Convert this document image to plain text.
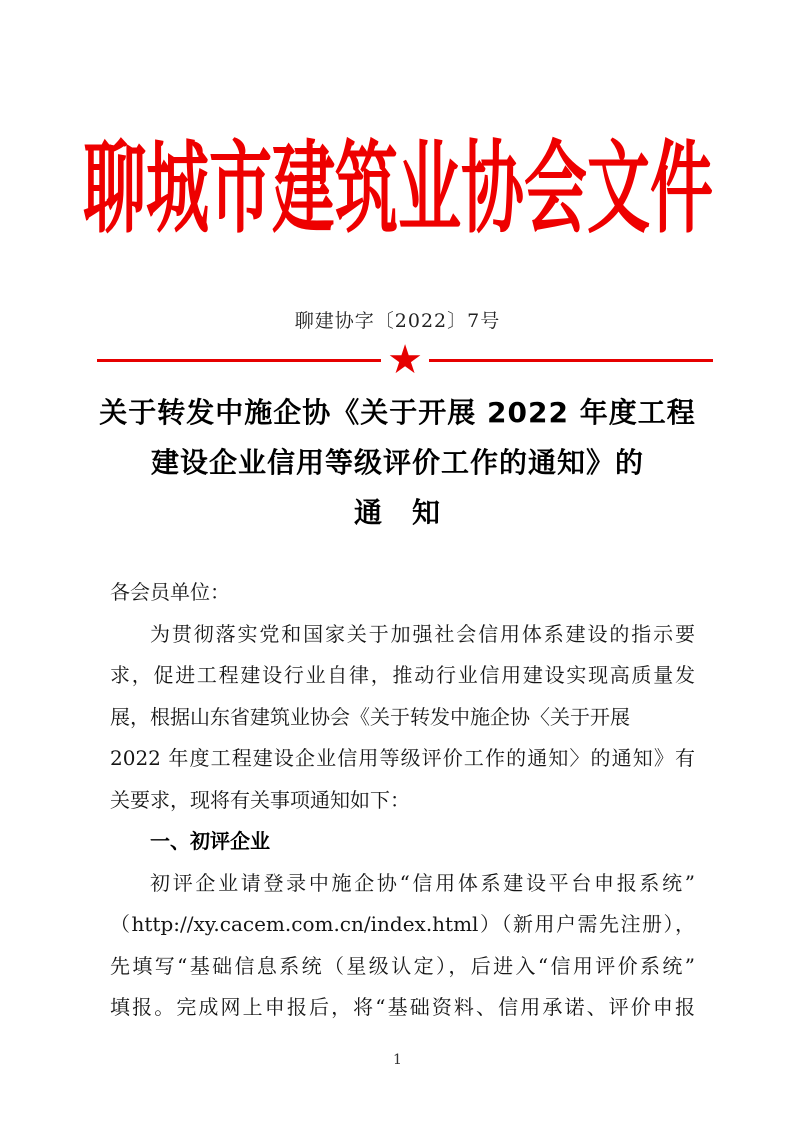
聊城市建筑业协会文件
聊建协字〔2022〕7号
★
关于转发中施企协《关于开展 2022 年度工程
建设企业信用等级评价工作的通知》的
通　知
各会员单位：
为贯彻落实党和国家关于加强社会信用体系建设的指示要
求，促进工程建设行业自律，推动行业信用建设实现高质量发
展，根据山东省建筑业协会《关于转发中施企协〈关于开展
2022 年度工程建设企业信用等级评价工作的通知〉的通知》有
关要求，现将有关事项通知如下：
一、初评企业
初评企业请登录中施企协“信用体系建设平台申报系统”
（http://xy.cacem.com.cn/index.html）（新用户需先注册），
先填写“基础信息系统（星级认定），后进入“信用评价系统”
填报。完成网上申报后，将“基础资料、信用承诺、评价申报
1
